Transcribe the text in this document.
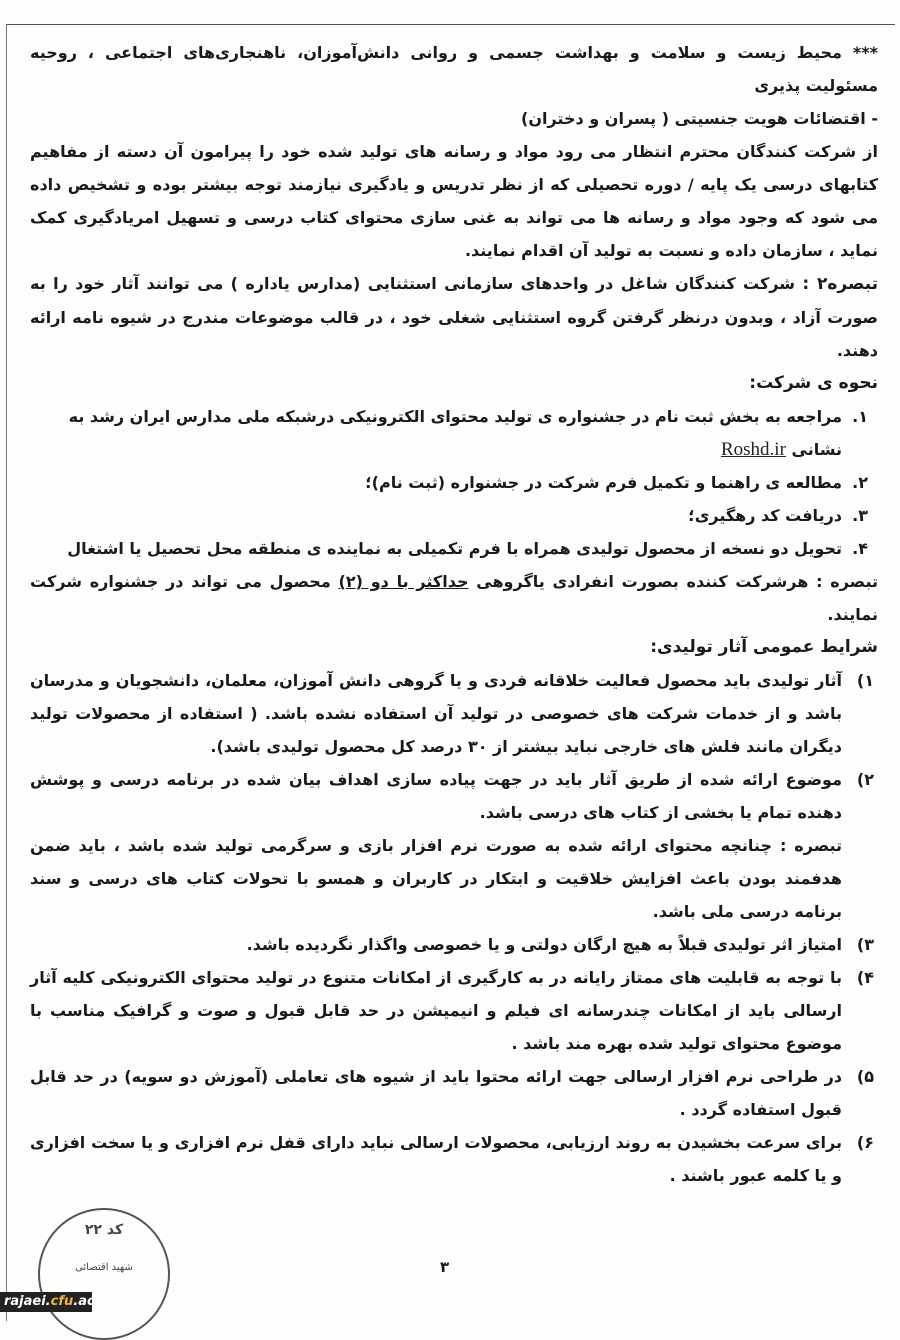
*** محیط زیست و سلامت و بهداشت جسمی و روانی دانش‌آموزان، ناهنجاری‌های اجتماعی ، روحیه مسئولیت پذیری

- اقتضائات هویت جنسیتی ( پسران و دختران)

از شرکت کنندگان محترم انتظار می رود مواد و رسانه های تولید شده خود را پیرامون آن دسته از مفاهیم کتابهای درسی یک پایه / دوره تحصیلی که از نظر تدریس و یادگیری نیازمند توجه بیشتر بوده و تشخیص داده می شود که وجود مواد و رسانه ها می تواند به غنی سازی محتوای کتاب درسی و تسهیل امریادگیری کمک نماید ، سازمان داده و نسبت به تولید آن اقدام نمایند.

تبصره۲ : شرکت کنندگان شاغل در واحدهای سازمانی استثنایی (مدارس یاداره ) می توانند آثار خود را به صورت آزاد ، وبدون درنظر گرفتن گروه استثنایی شغلی خود ، در قالب موضوعات مندرج در شیوه نامه ارائه دهند.

نحوه ی شرکت:

۱.
مراجعه به بخش ثبت نام در جشنواره ی تولید محتوای الکترونیکی درشبکه ملی مدارس ایران رشد به
نشانی Roshd.ir
۲.
مطالعه ی راهنما و تکمیل فرم شرکت در جشنواره (ثبت نام)؛
۳.
دریافت کد رهگیری؛
۴.
تحویل دو نسخه از محصول تولیدی همراه با فرم تکمیلی به نماینده ی منطقه محل تحصیل یا اشتغال

تبصره : هرشرکت کننده بصورت انفرادی یاگروهی حداکثر با دو (۲) محصول می تواند در جشنواره شرکت نمایند.

شرایط عمومی آثار تولیدی:

۱)
آثار تولیدی باید محصول فعالیت خلاقانه فردی و یا گروهی دانش آموزان، معلمان، دانشجویان و مدرسان باشد و از خدمات شرکت های خصوصی در تولید آن استفاده نشده باشد. ( استفاده از محصولات تولید دیگران مانند فلش های خارجی نباید بیشتر از ۳۰ درصد کل محصول تولیدی باشد).
۲)
موضوع ارائه شده از طریق آثار باید در جهت پیاده سازی اهداف بیان شده در برنامه درسی و پوشش دهنده تمام یا بخشی از کتاب های درسی باشد.
تبصره : چنانچه محتوای ارائه شده به صورت نرم افزار بازی و سرگرمی تولید شده باشد ، باید ضمن هدفمند بودن باعث افزایش خلاقیت و ابتکار در کاربران و همسو با تحولات کتاب های درسی و سند برنامه درسی ملی باشد.
۳)
امتیاز اثر تولیدی قبلاً به هیچ ارگان دولتی و یا خصوصی واگذار نگردیده باشد.
۴)
با توجه به قابلیت های ممتاز رایانه در به کارگیری از امکانات متنوع در تولید محتوای الکترونیکی کلیه آثار ارسالی باید از امکانات چندرسانه ای فیلم و انیمیشن در حد قابل قبول و صوت و گرافیک مناسب با موضوع محتوای تولید شده بهره مند باشد .
۵)
در طراحی نرم افزار ارسالی جهت ارائه محتوا باید از شیوه های تعاملی (آموزش دو سویه) در حد قابل قبول استفاده گردد .
۶)
برای سرعت بخشیدن به روند ارزیابی، محصولات ارسالی نباید دارای قفل نرم افزاری و یا سخت افزاری و یا کلمه عبور باشند .
۳
کد ۲۲
شهید اقتصائی
rajaei.cfu.ac.ir
